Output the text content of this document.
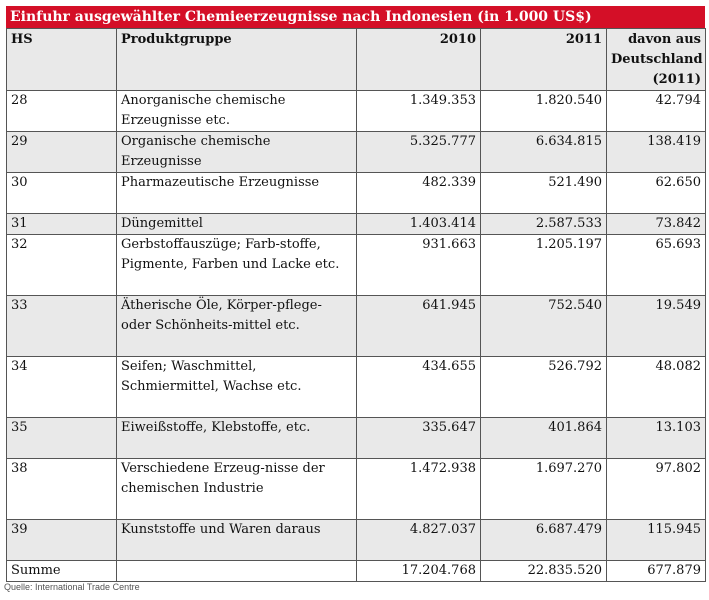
Einfuhr ausgewählter Chemieerzeugnisse nach Indonesien (in 1.000 US$)
HS	Produktgruppe	2010	2011	davon aus Deutschland (2011)
28	Anorganische chemische Erzeugnisse etc.	1.349.353	1.820.540	42.794
29	Organische chemische Erzeugnisse	5.325.777	6.634.815	138.419
30	Pharmazeutische Erzeugnisse	482.339	521.490	62.650
31	Düngemittel	1.403.414	2.587.533	73.842
32	Gerbstoffauszüge; Farb-stoffe, Pigmente, Farben und Lacke etc.	931.663	1.205.197	65.693
33	Ätherische Öle, Körper-pflege- oder Schönheits-mittel etc.	641.945	752.540	19.549
34	Seifen; Waschmittel, Schmiermittel, Wachse etc.	434.655	526.792	48.082
35	Eiweißstoffe, Klebstoffe, etc.	335.647	401.864	13.103
38	Verschiedene Erzeug-nisse der chemischen Industrie	1.472.938	1.697.270	97.802
39	Kunststoffe und Waren daraus	4.827.037	6.687.479	115.945
Summe		17.204.768	22.835.520	677.879
Quelle: International Trade Centre
